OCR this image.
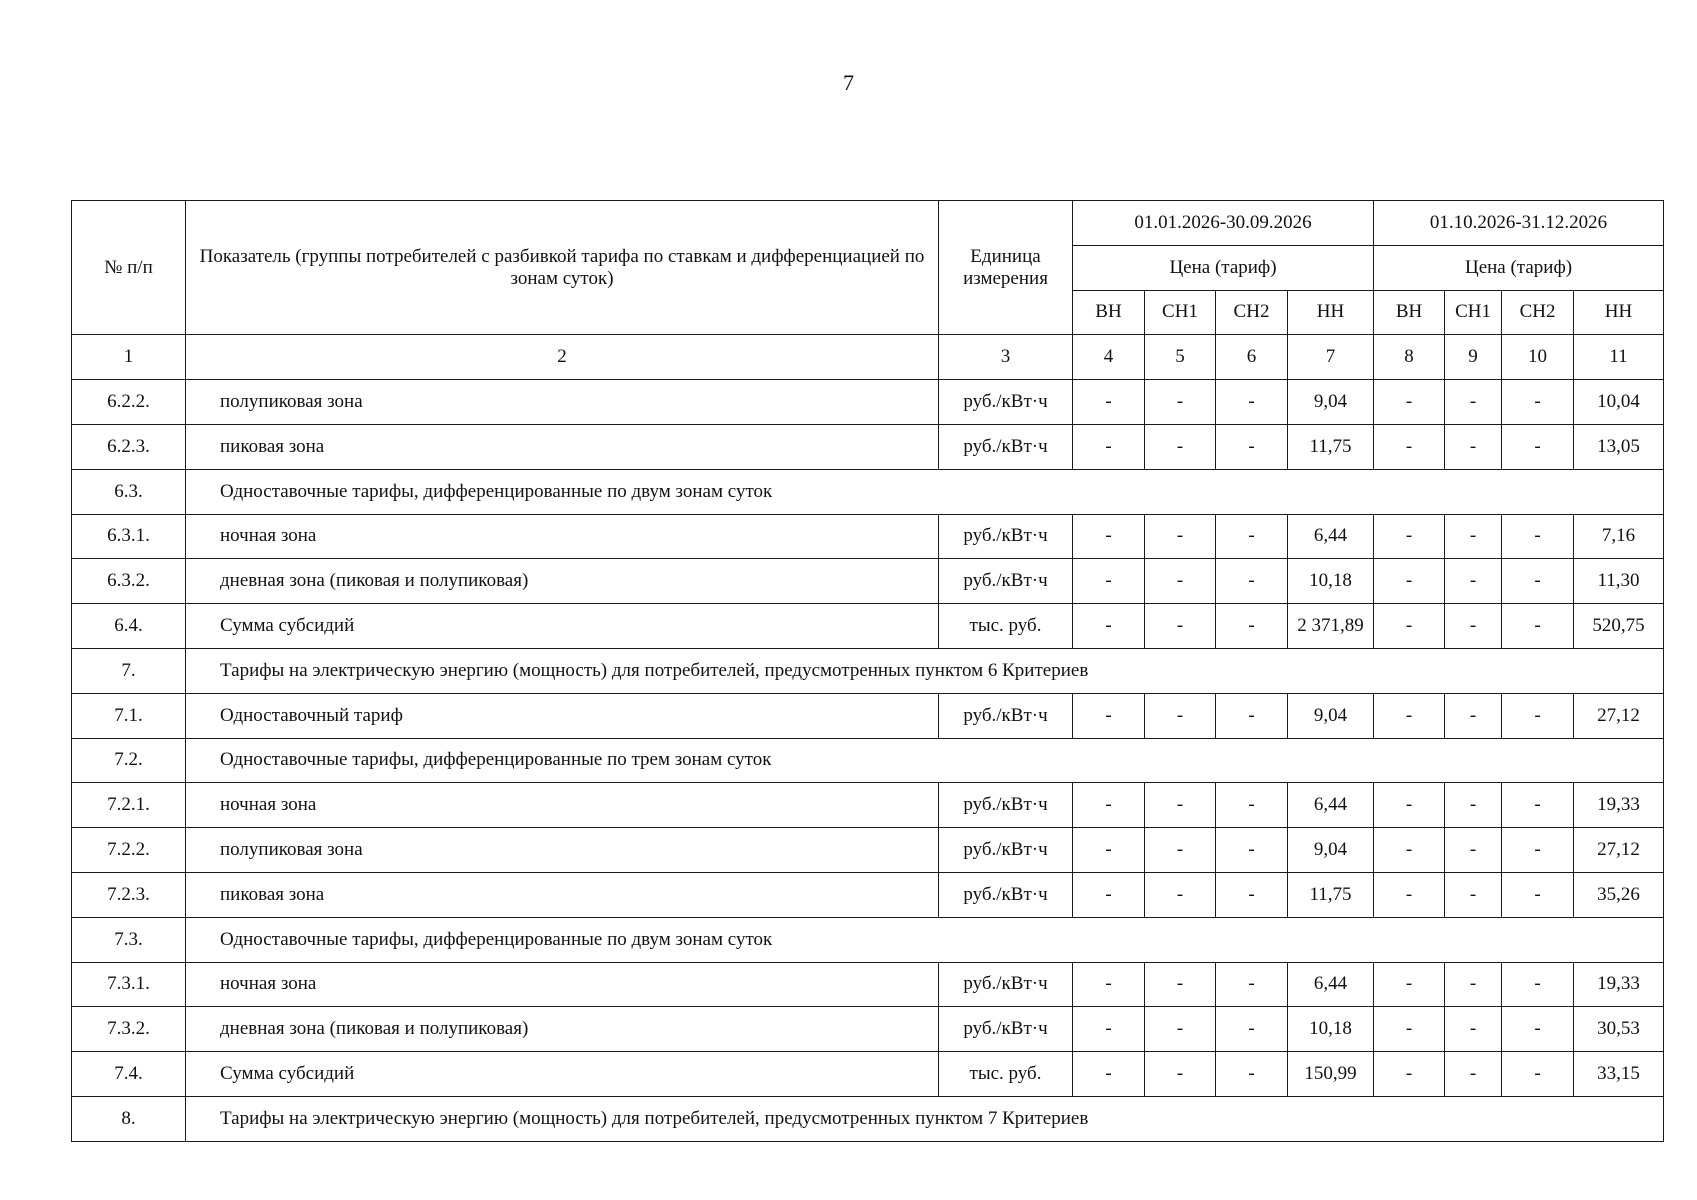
7
№ п/п	Показатель (группы потребителей с разбивкой тарифа по ставкам и дифференциацией по зонам суток)	Единица измерения	01.01.2026-30.09.2026				01.10.2026-31.12.2026			
			Цена (тариф)				Цена (тариф)			
			ВН	СН1	СН2	НН	ВН	СН1	СН2	НН
1	2	3	4	5	6	7	8	9	10	11
6.2.2.	полупиковая зона	руб./кВт·ч	-	-	-	9,04	-	-	-	10,04
6.2.3.	пиковая зона	руб./кВт·ч	-	-	-	11,75	-	-	-	13,05
6.3.	Одноставочные тарифы, дифференцированные по двум зонам суток									
6.3.1.	ночная зона	руб./кВт·ч	-	-	-	6,44	-	-	-	7,16
6.3.2.	дневная зона (пиковая и полупиковая)	руб./кВт·ч	-	-	-	10,18	-	-	-	11,30
6.4.	Сумма субсидий	тыс. руб.	-	-	-	2 371,89	-	-	-	520,75
7.	Тарифы на электрическую энергию (мощность) для потребителей, предусмотренных пунктом 6 Критериев									
7.1.	Одноставочный тариф	руб./кВт·ч	-	-	-	9,04	-	-	-	27,12
7.2.	Одноставочные тарифы, дифференцированные по трем зонам суток									
7.2.1.	ночная зона	руб./кВт·ч	-	-	-	6,44	-	-	-	19,33
7.2.2.	полупиковая зона	руб./кВт·ч	-	-	-	9,04	-	-	-	27,12
7.2.3.	пиковая зона	руб./кВт·ч	-	-	-	11,75	-	-	-	35,26
7.3.	Одноставочные тарифы, дифференцированные по двум зонам суток									
7.3.1.	ночная зона	руб./кВт·ч	-	-	-	6,44	-	-	-	19,33
7.3.2.	дневная зона (пиковая и полупиковая)	руб./кВт·ч	-	-	-	10,18	-	-	-	30,53
7.4.	Сумма субсидий	тыс. руб.	-	-	-	150,99	-	-	-	33,15
8.	Тарифы на электрическую энергию (мощность) для потребителей, предусмотренных пунктом 7 Критериев									
